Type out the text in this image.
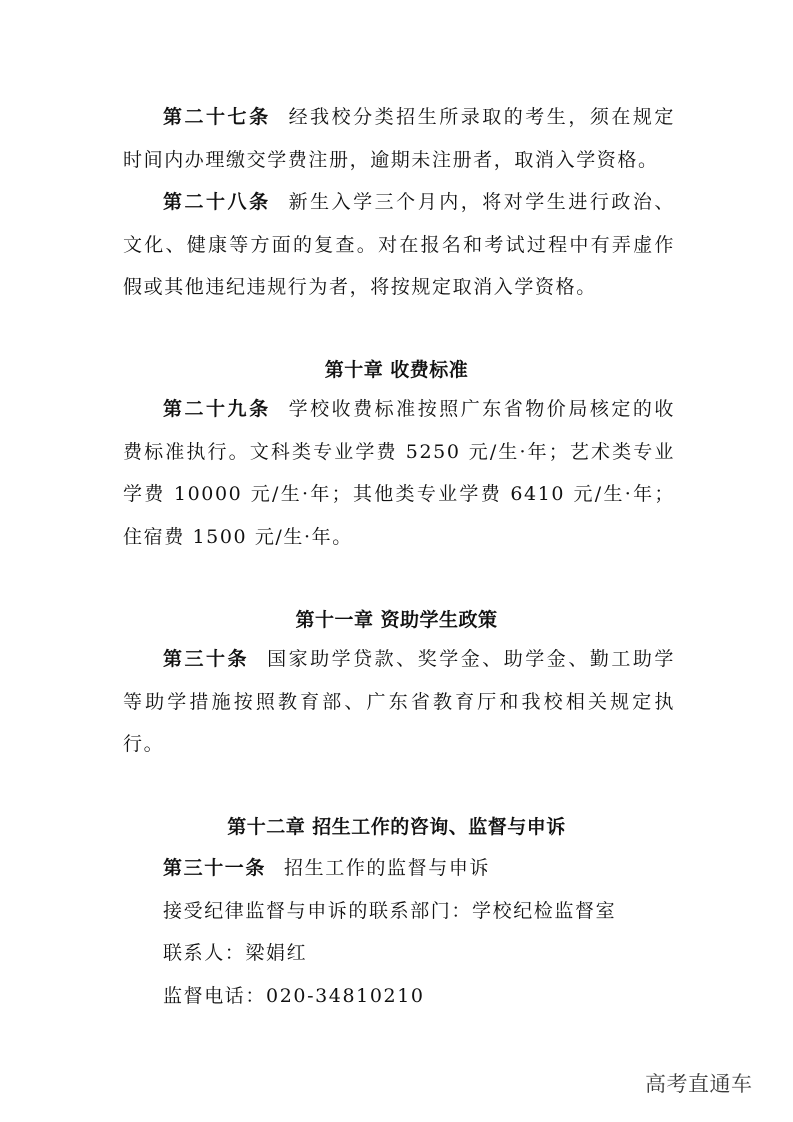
第二十七条 经我校分类招生所录取的考生，须在规定时间内办理缴交学费注册，逾期未注册者，取消入学资格。

第二十八条 新生入学三个月内，将对学生进行政治、文化、健康等方面的复查。对在报名和考试过程中有弄虚作假或其他违纪违规行为者，将按规定取消入学资格。

第十章 收费标准

第二十九条 学校收费标准按照广东省物价局核定的收费标准执行。文科类专业学费 5250 元/生·年；艺术类专业学费 10000 元/生·年；其他类专业学费 6410 元/生·年；住宿费 1500 元/生·年。

第十一章 资助学生政策

第三十条 国家助学贷款、奖学金、助学金、勤工助学等助学措施按照教育部、广东省教育厅和我校相关规定执行。

第十二章 招生工作的咨询、监督与申诉

第三十一条 招生工作的监督与申诉

接受纪律监督与申诉的联系部门：学校纪检监督室

联系人：梁娟红

监督电话：020-34810210

高考直通车
